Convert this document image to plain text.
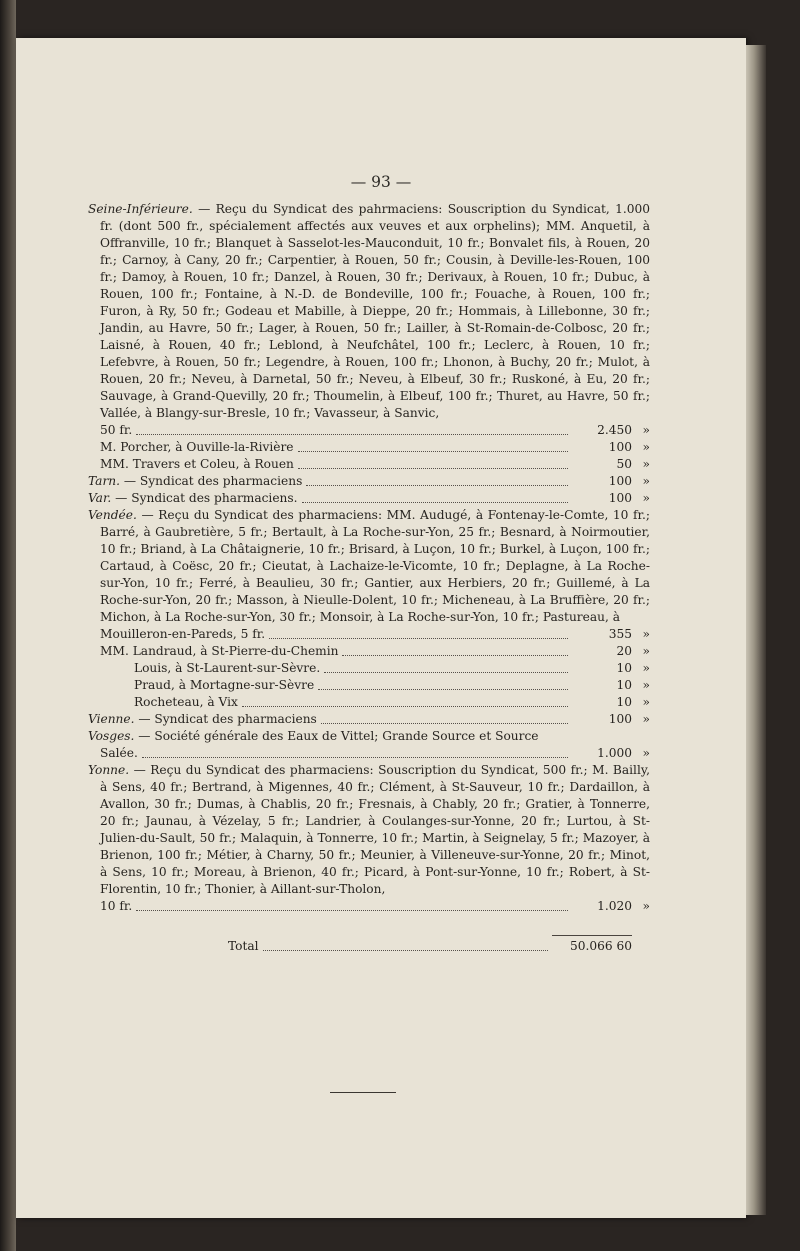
— 93 —
Seine-Inférieure. — Reçu du Syndicat des pahrmaciens: Souscription du Syndicat, 1.000 fr. (dont 500 fr., spécialement affectés aux veuves et aux orphelins); MM. Anquetil, à Offranville, 10 fr.; Blanquet à Sasselot-les-Mauconduit, 10 fr.; Bonvalet fils, à Rouen, 20 fr.; Carnoy, à Cany, 20 fr.; Carpentier, à Rouen, 50 fr.; Cousin, à Deville-les-Rouen, 100 fr.; Damoy, à Rouen, 10 fr.; Danzel, à Rouen, 30 fr.; Derivaux, à Rouen, 10 fr.; Dubuc, à Rouen, 100 fr.; Fontaine, à N.-D. de Bondeville, 100 fr.; Fouache, à Rouen, 100 fr.; Furon, à Ry, 50 fr.; Godeau et Mabille, à Dieppe, 20 fr.; Hommais, à Lillebonne, 30 fr.; Jandin, au Havre, 50 fr.; Lager, à Rouen, 50 fr.; Lailler, à St-Romain-de-Colbosc, 20 fr.; Laisné, à Rouen, 40 fr.; Leblond, à Neufchâtel, 100 fr.; Leclerc, à Rouen, 10 fr.; Lefebvre, à Rouen, 50 fr.; Legendre, à Rouen, 100 fr.; Lhonon, à Buchy, 20 fr.; Mulot, à Rouen, 20 fr.; Neveu, à Darnetal, 50 fr.; Neveu, à Elbeuf, 30 fr.; Ruskoné, à Eu, 20 fr.; Sauvage, à Grand-Quevilly, 20 fr.; Thoumelin, à Elbeuf, 100 fr.; Thuret, au Havre, 50 fr.; Vallée, à Blangy-sur-Bresle, 10 fr.; Vavasseur, à Sanvic,
50 fr.	2.450 »
M. Porcher, à Ouville-la-Rivière	100 »
MM. Travers et Coleu, à Rouen	50 »
Tarn. — Syndicat des pharmaciens	100 »
Var. — Syndicat des pharmaciens.	100 »
Vendée. — Reçu du Syndicat des pharmaciens: MM. Audugé, à Fontenay-le-Comte, 10 fr.; Barré, à Gaubretière, 5 fr.; Bertault, à La Roche-sur-Yon, 25 fr.; Besnard, à Noirmoutier, 10 fr.; Briand, à La Châtaignerie, 10 fr.; Brisard, à Luçon, 10 fr.; Burkel, à Luçon, 100 fr.; Cartaud, à Coësc, 20 fr.; Cieutat, à Lachaize-le-Vicomte, 10 fr.; Deplagne, à La Roche-sur-Yon, 10 fr.; Ferré, à Beaulieu, 30 fr.; Gantier, aux Herbiers, 20 fr.; Guillemé, à La Roche-sur-Yon, 20 fr.; Masson, à Nieulle-Dolent, 10 fr.; Micheneau, à La Bruffière, 20 fr.; Michon, à La Roche-sur-Yon, 30 fr.; Monsoir, à La Roche-sur-Yon, 10 fr.; Pastureau, à
Mouilleron-en-Pareds, 5 fr.	355 »
MM. Landraud, à St-Pierre-du-Chemin	20 »
Louis, à St-Laurent-sur-Sèvre.	10 »
Praud, à Mortagne-sur-Sèvre	10 »
Rocheteau, à Vix	10 »
Vienne. — Syndicat des pharmaciens	100 »
Vosges. — Société générale des Eaux de Vittel; Grande Source et Source
Salée.	1.000 »
Yonne. — Reçu du Syndicat des pharmaciens: Souscription du Syndicat, 500 fr.; M. Bailly, à Sens, 40 fr.; Bertrand, à Migennes, 40 fr.; Clément, à St-Sauveur, 10 fr.; Dardaillon, à Avallon, 30 fr.; Dumas, à Chablis, 20 fr.; Fresnais, à Chably, 20 fr.; Gratier, à Tonnerre, 20 fr.; Jaunau, à Vézelay, 5 fr.; Landrier, à Coulanges-sur-Yonne, 20 fr.; Lurtou, à St-Julien-du-Sault, 50 fr.; Malaquin, à Tonnerre, 10 fr.; Martin, à Seignelay, 5 fr.; Mazoyer, à Brienon, 100 fr.; Métier, à Charny, 50 fr.; Meunier, à Villeneuve-sur-Yonne, 20 fr.; Minot, à Sens, 10 fr.; Moreau, à Brienon, 40 fr.; Picard, à Pont-sur-Yonne, 10 fr.; Robert, à St-Florentin, 10 fr.; Thonier, à Aillant-sur-Tholon,
10 fr.	1.020 »
Total	50.066 60
